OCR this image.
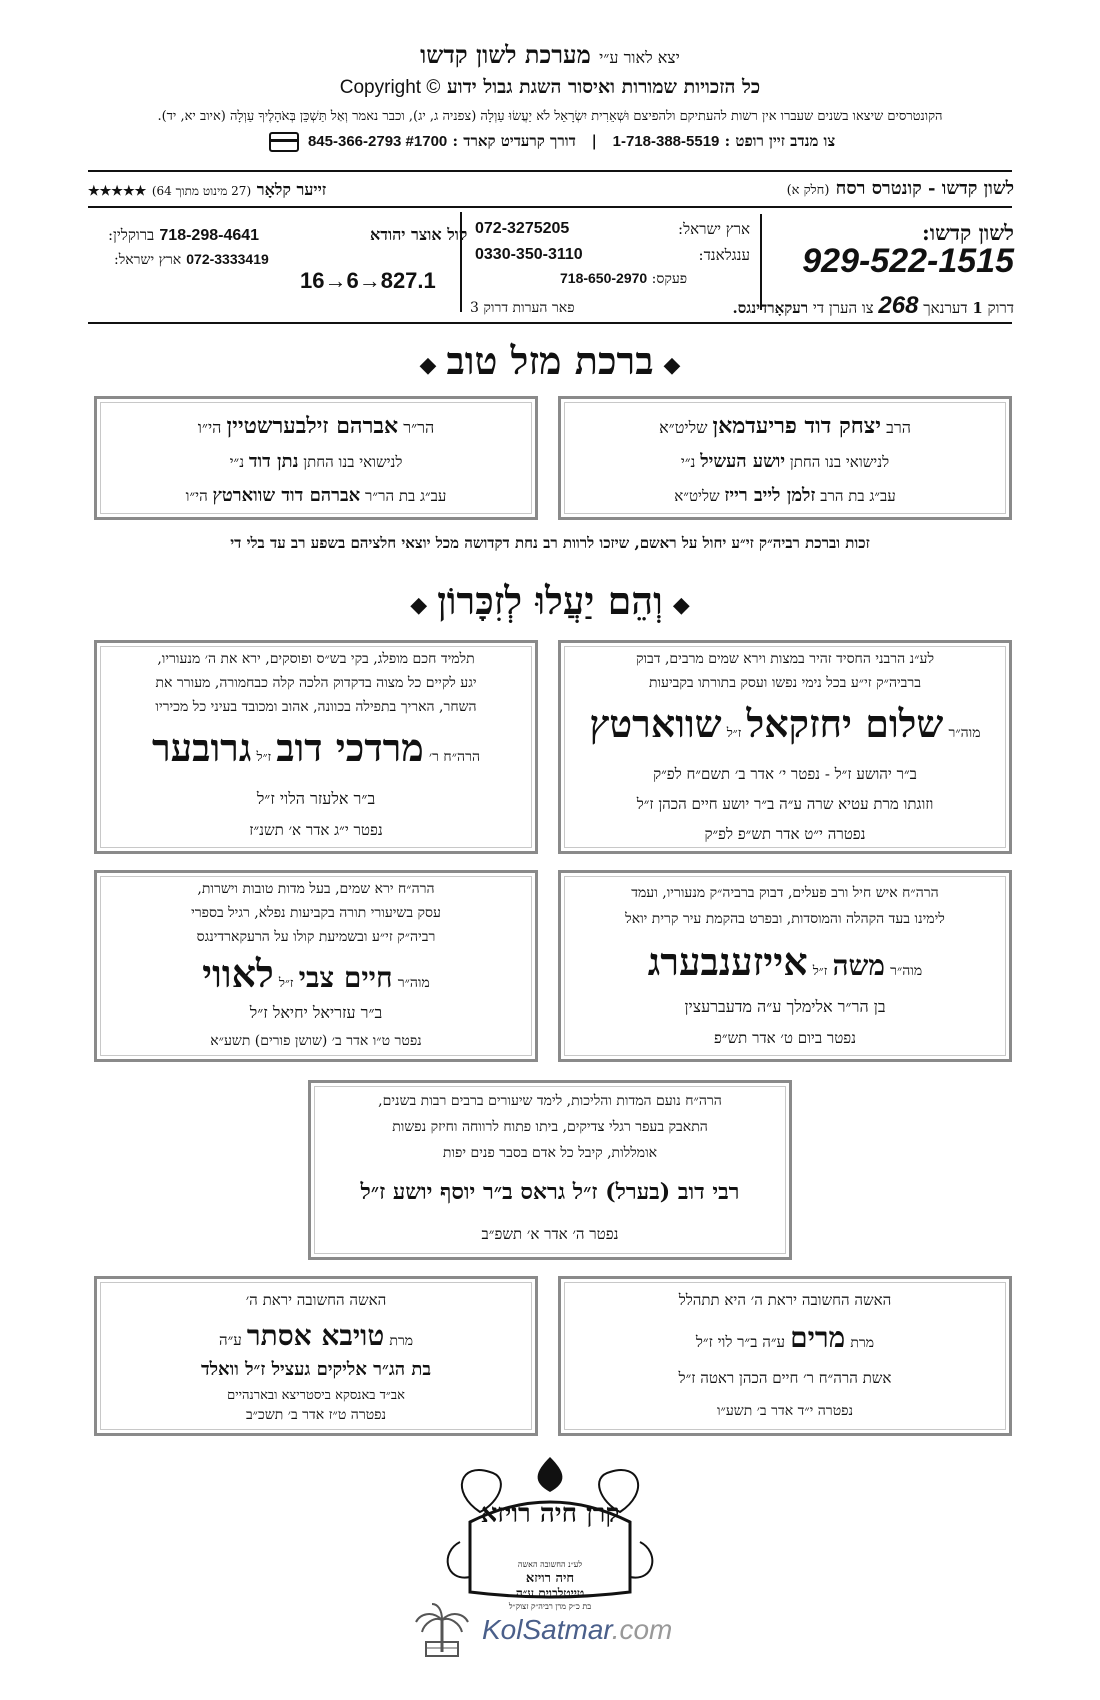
יצא לאור ע״י מערכת לשון קדשו
כל הזכויות שמורות ואיסור השגת גבול ידוע Copyright ©
הקונטרסים שיצאו בשנים שעברו אין רשות להעתיקם ולהפיצם וּשְׁאֵרִית יִשְׂרָאֵל לֹא יַעֲשׂוּ עַוְלָה (צפניה ג, יג), וכבר נאמר וְאַל תַּשְׁכֵּן בְּאֹהָלֶיךָ עַוְלָה (איוב יא, יד).
צו מנדב זיין רופט : 1-718-388-5519   |   דורך קרעדיט קארד : 845-366-2793 #1700
לשון קדשו - קונטרס רסח (חלק א)
זייער קלאָר (27 מינוט מתוך 64) ★★★★★
לשון קדשו:
929-522-1515
דרוק 1 דערנאך 268 צו הערן די רעקאָרדינגס.
ארץ ישראל:
072-3275205
ענגלאנד:
0330-350-3110
פעקס: 718-650-2970
פאר הערות דרוק 3
קול אוצר יהודא
718-298-4641 ברוקלין:
072-3333419 ארץ ישראל:
16→6→827.1
◆ברכת מזל טוב◆
הרב יצחק דוד פריעדמאן שליט״א
לנישואי בנו החתן יושע העשיל נ״י
עב״ג בת הרב זלמן לייב רייז שליט״א
הר״ר אברהם זילבערשטיין הי״ו
לנישואי בנו החתן נתן דוד נ״י
עב״ג בת הר״ר אברהם דוד שווארטץ הי״ו
זכות וברכת רביה״ק זי״ע יחול על ראשם, שיזכו לרוות רב נחת דקדושה מכל יוצאי חלציהם בשפע רב עד בלי די
◆וְהֵם יַעֲלוּ לְזִכָּרוֹן◆
לע״נ הרבני החסיד זהיר במצות וירא שמים מרבים, דבוק
ברביה״ק זי״ע בכל נימי נפשו ועסק בתורתו בקביעות
מוה״ר שלום יחזקאל ז״ל שווארטץ
ב״ר יהושע ז״ל - נפטר י׳ אדר ב׳ תשם״ח לפ״ק
וזוגתו מרת עטיא שרה ע״ה ב״ר יושע חיים הכהן ז״ל
נפטרה י״ט אדר תש״פ לפ״ק
תלמיד חכם מופלג, בקי בש״ס ופוסקים, ירא את ה׳ מנעוריו,
יגע לקיים כל מצוה בדקדוק הלכה קלה כבחמורה, מעורר את
השחר, האריך בתפילה בכוונה, אהוב ומכובד בעיני כל מכיריו
הרה״ח ר׳ מרדכי דוב ז״ל גרובער
ב״ר אלעזר הלוי ז״ל
נפטר י״ג אדר א׳ תשנ״ז
הרה״ח איש חיל ורב פעלים, דבוק ברביה״ק מנעוריו, ועמד
לימינו בעד הקהלה והמוסדות, ובפרט בהקמת עיר קרית יואל
מוה״ר משה ז״ל אייזענבערג
בן הר״ר אלימלך ע״ה מדעברעצין
נפטר ביום ט׳ אדר תש״פ
הרה״ח ירא שמים, בעל מדות טובות וישרות,
עסק בשיעורי תורה בקביעות נפלא, רגיל בספרי
רביה״ק זי״ע ובשמיעת קולו על הרעקארדינגס
מוה״ר חיים צבי ז״ל לאווי
ב״ר עזריאל יחיאל ז״ל
נפטר ט״ו אדר ב׳ (שושן פורים) תשע״א
הרה״ח נועם המדות והליכות, לימד שיעורים ברבים רבות בשנים,
התאבק בעפר רגלי צדיקים, ביתו פתוח לרווחה וחיזק נפשות
אומללות, קיבל כל אדם בסבר פנים יפות
רבי דוב (בערל) ז״ל גראס ב״ר יוסף יושע ז״ל
נפטר ה׳ אדר א׳ תשפ״ב
האשה החשובה יראת ה׳ היא תתהלל
מרת מרים ע״ה ב״ר לוי ז״ל
אשת הרה״ח ר׳ חיים הכהן ראטה ז״ל
נפטרה י״ד אדר ב׳ תשע״ו
האשה החשובה יראת ה׳
מרת טויבא אסתר ע״ה
בת הג״ר אליקים געציל ז״ל וואלד
אב״ד באנסקא ביסטריצא ובארנהיים
נפטרה ט״ז אדר ב׳ תשכ״ב
קרן חיה רויזא
לע״נ החשובה האשה
חיה רויזא
טייטלבוים ע״ה
בת כ״ק מרן רביה״ק זצוק״ל
KolSatmar.com
